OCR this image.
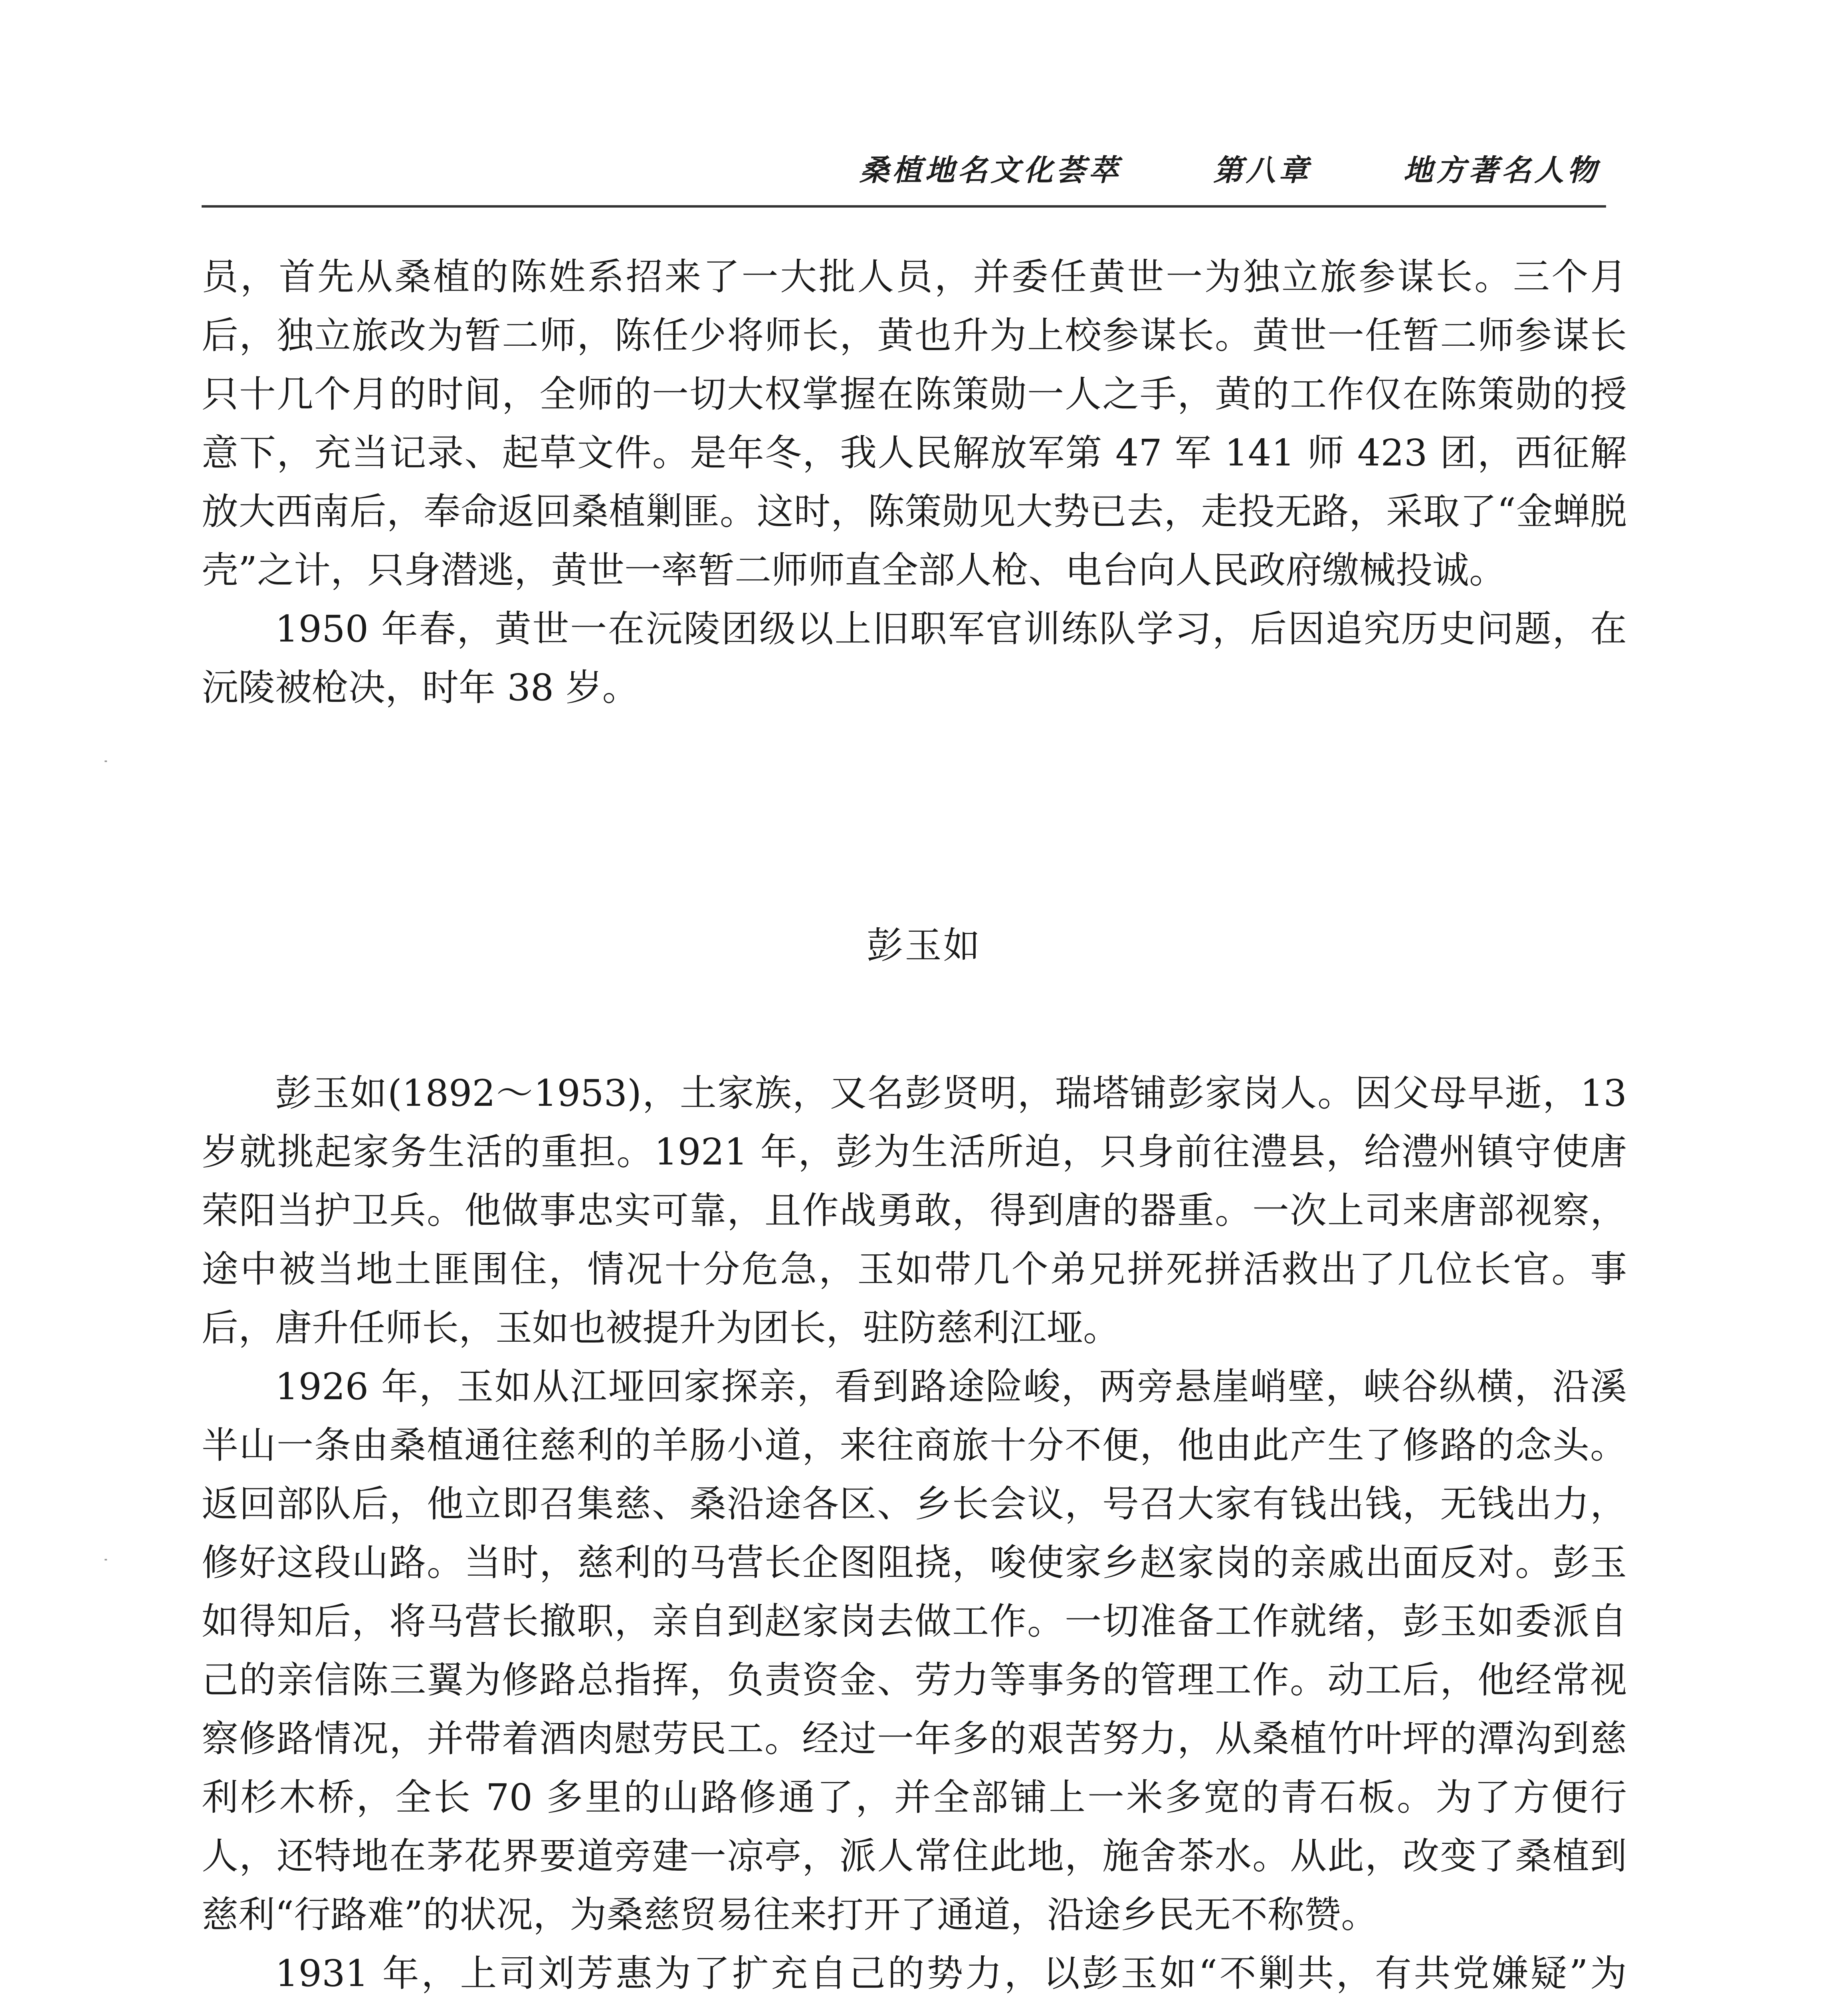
桑植地名文化荟萃	第八章	地方著名人物

员，首先从桑植的陈姓系招来了一大批人员，并委任黄世一为独立旅参谋长。三个月后，独立旅改为暂二师，陈任少将师长，黄也升为上校参谋长。黄世一任暂二师参谋长只十几个月的时间，全师的一切大权掌握在陈策勋一人之手，黄的工作仅在陈策勋的授意下，充当记录、起草文件。是年冬，我人民解放军第 47 军 141 师 423 团，西征解放大西南后，奉命返回桑植剿匪。这时，陈策勋见大势已去，走投无路，采取了“金蝉脱壳”之计，只身潜逃，黄世一率暂二师师直全部人枪、电台向人民政府缴械投诚。

1950 年春，黄世一在沅陵团级以上旧职军官训练队学习，后因追究历史问题，在沅陵被枪决，时年 38 岁。

彭玉如

彭玉如(1892～1953)，土家族，又名彭贤明，瑞塔铺彭家岗人。因父母早逝，13 岁就挑起家务生活的重担。1921 年，彭为生活所迫，只身前往澧县，给澧州镇守使唐荣阳当护卫兵。他做事忠实可靠，且作战勇敢，得到唐的器重。一次上司来唐部视察，途中被当地土匪围住，情况十分危急，玉如带几个弟兄拼死拼活救出了几位长官。事后，唐升任师长，玉如也被提升为团长，驻防慈利江垭。

1926 年，玉如从江垭回家探亲，看到路途险峻，两旁悬崖峭壁，峡谷纵横，沿溪半山一条由桑植通往慈利的羊肠小道，来往商旅十分不便，他由此产生了修路的念头。返回部队后，他立即召集慈、桑沿途各区、乡长会议，号召大家有钱出钱，无钱出力，修好这段山路。当时，慈利的马营长企图阻挠，唆使家乡赵家岗的亲戚出面反对。彭玉如得知后，将马营长撤职，亲自到赵家岗去做工作。一切准备工作就绪，彭玉如委派自己的亲信陈三翼为修路总指挥，负责资金、劳力等事务的管理工作。动工后，他经常视察修路情况，并带着酒肉慰劳民工。经过一年多的艰苦努力，从桑植竹叶坪的潭沟到慈利杉木桥，全长 70 多里的山路修通了，并全部铺上一米多宽的青石板。为了方便行人，还特地在茅花界要道旁建一凉亭，派人常住此地，施舍茶水。从此，改变了桑植到慈利“行路难”的状况，为桑慈贸易往来打开了通道，沿途乡民无不称赞。

1931 年，上司刘芳惠为了扩充自己的势力，以彭玉如“不剿共，有共党嫌疑”为
